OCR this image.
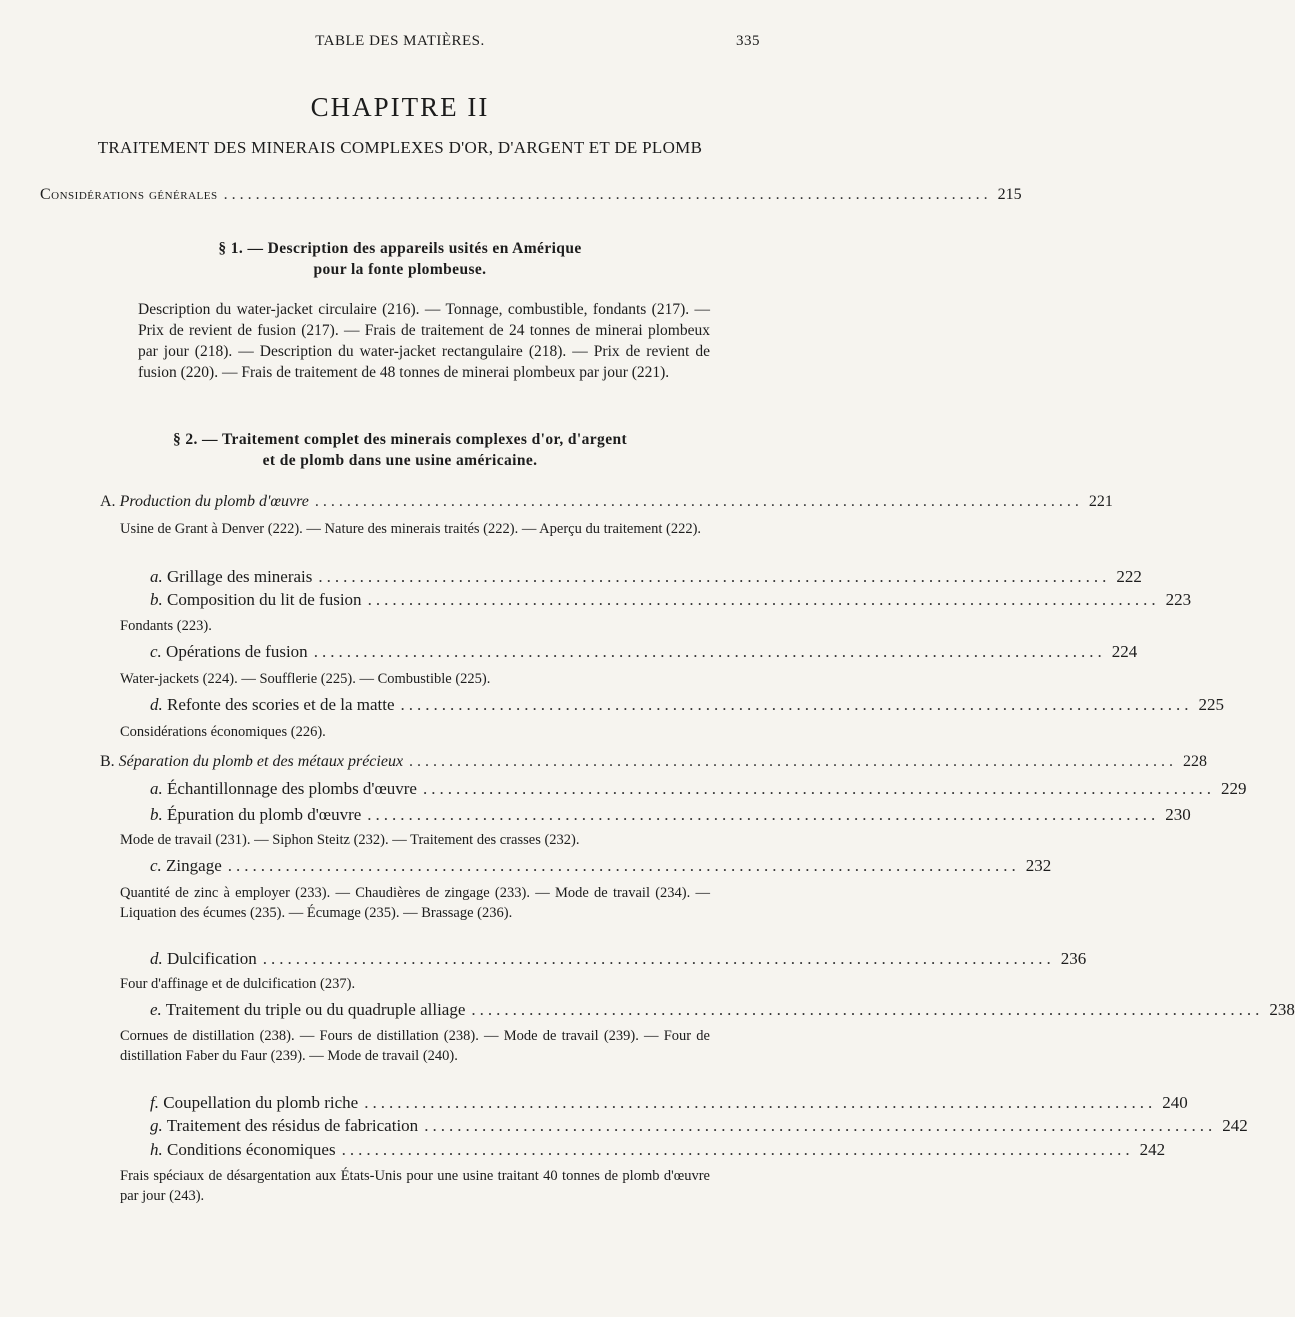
TABLE DES MATIÈRES.	335
CHAPITRE II
TRAITEMENT DES MINERAIS COMPLEXES D'OR, D'ARGENT ET DE PLOMB
Considérations générales ................................................................................................ 215
§ 1. — Description des appareils usités en Amérique
pour la fonte plombeuse.
Description du water-jacket circulaire (216). — Tonnage, combustible, fondants (217). — Prix de revient de fusion (217). — Frais de traitement de 24 tonnes de minerai plombeux par jour (218). — Description du water-jacket rectangulaire (218). — Prix de revient de fusion (220). — Frais de traitement de 48 tonnes de minerai plombeux par jour (221).
§ 2. — Traitement complet des minerais complexes d'or, d'argent
et de plomb dans une usine américaine.
A. Production du plomb d'œuvre ................................................................................................ 221
Usine de Grant à Denver (222). — Nature des minerais traités (222). — Aperçu du traitement (222).
a. Grillage des minerais ................................................................................................ 222
b. Composition du lit de fusion ................................................................................................ 223
Fondants (223).
c. Opérations de fusion ................................................................................................ 224
Water-jackets (224). — Soufflerie (225). — Combustible (225).
d. Refonte des scories et de la matte ................................................................................................ 225
Considérations économiques (226).
B. Séparation du plomb et des métaux précieux ................................................................................................ 228
a. Échantillonnage des plombs d'œuvre ................................................................................................ 229
b. Épuration du plomb d'œuvre ................................................................................................ 230
Mode de travail (231). — Siphon Steitz (232). — Traitement des crasses (232).
c. Zingage ................................................................................................ 232
Quantité de zinc à employer (233). — Chaudières de zingage (233). — Mode de travail (234). — Liquation des écumes (235). — Écumage (235). — Brassage (236).
d. Dulcification ................................................................................................ 236
Four d'affinage et de dulcification (237).
e. Traitement du triple ou du quadruple alliage ................................................................................................ 238
Cornues de distillation (238). — Fours de distillation (238). — Mode de travail (239). — Four de distillation Faber du Faur (239). — Mode de travail (240).
f. Coupellation du plomb riche ................................................................................................ 240
g. Traitement des résidus de fabrication ................................................................................................ 242
h. Conditions économiques ................................................................................................ 242
Frais spéciaux de désargentation aux États-Unis pour une usine traitant 40 tonnes de plomb d'œuvre par jour (243).
